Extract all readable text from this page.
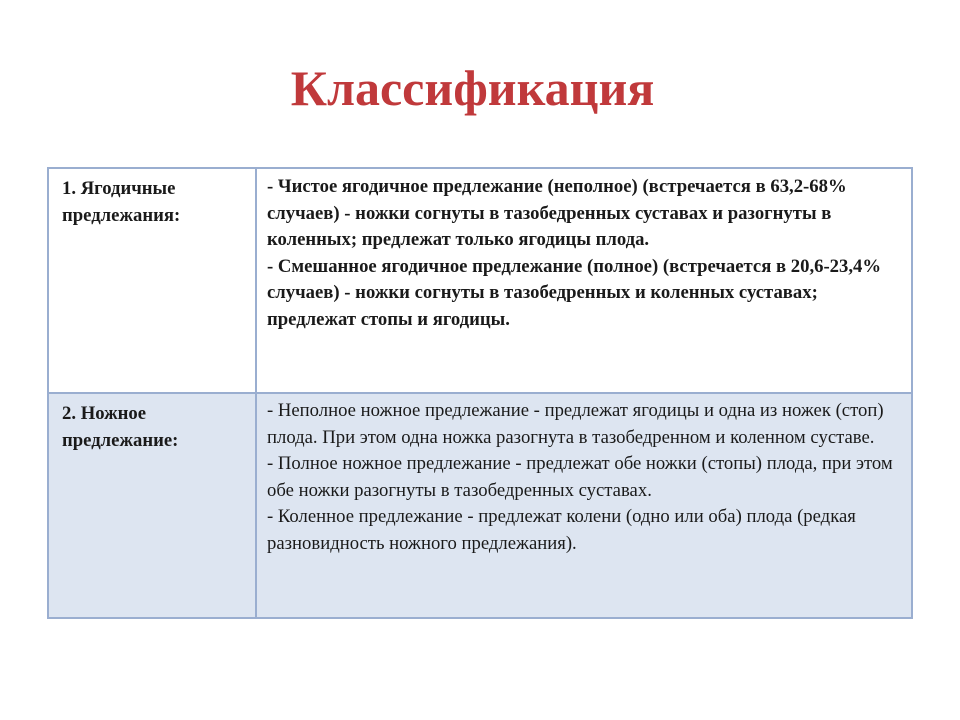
Классификация
1. Ягодичные предлежания:	- Чистое ягодичное предлежание (неполное) (встречается в 63,2-68% случаев) - ножки согнуты в тазобедренных суставах и разогнуты в коленных; предлежат только ягодицы плода.
- Смешанное ягодичное предлежание (полное) (встречается в 20,6-23,4% случаев) - ножки согнуты в тазобедренных и коленных суставах; предлежат стопы и ягодицы.

2. Ножное предлежание:	- Неполное ножное предлежание - предлежат ягодицы и одна из ножек (стоп) плода. При этом одна ножка разогнута в тазобедренном и коленном суставе.
- Полное ножное предлежание - предлежат обе ножки (стопы) плода, при этом обе ножки разогнуты в тазобедренных суставах.
- Коленное предлежание - предлежат колени (одно или оба) плода (редкая разновидность ножного предлежания).
